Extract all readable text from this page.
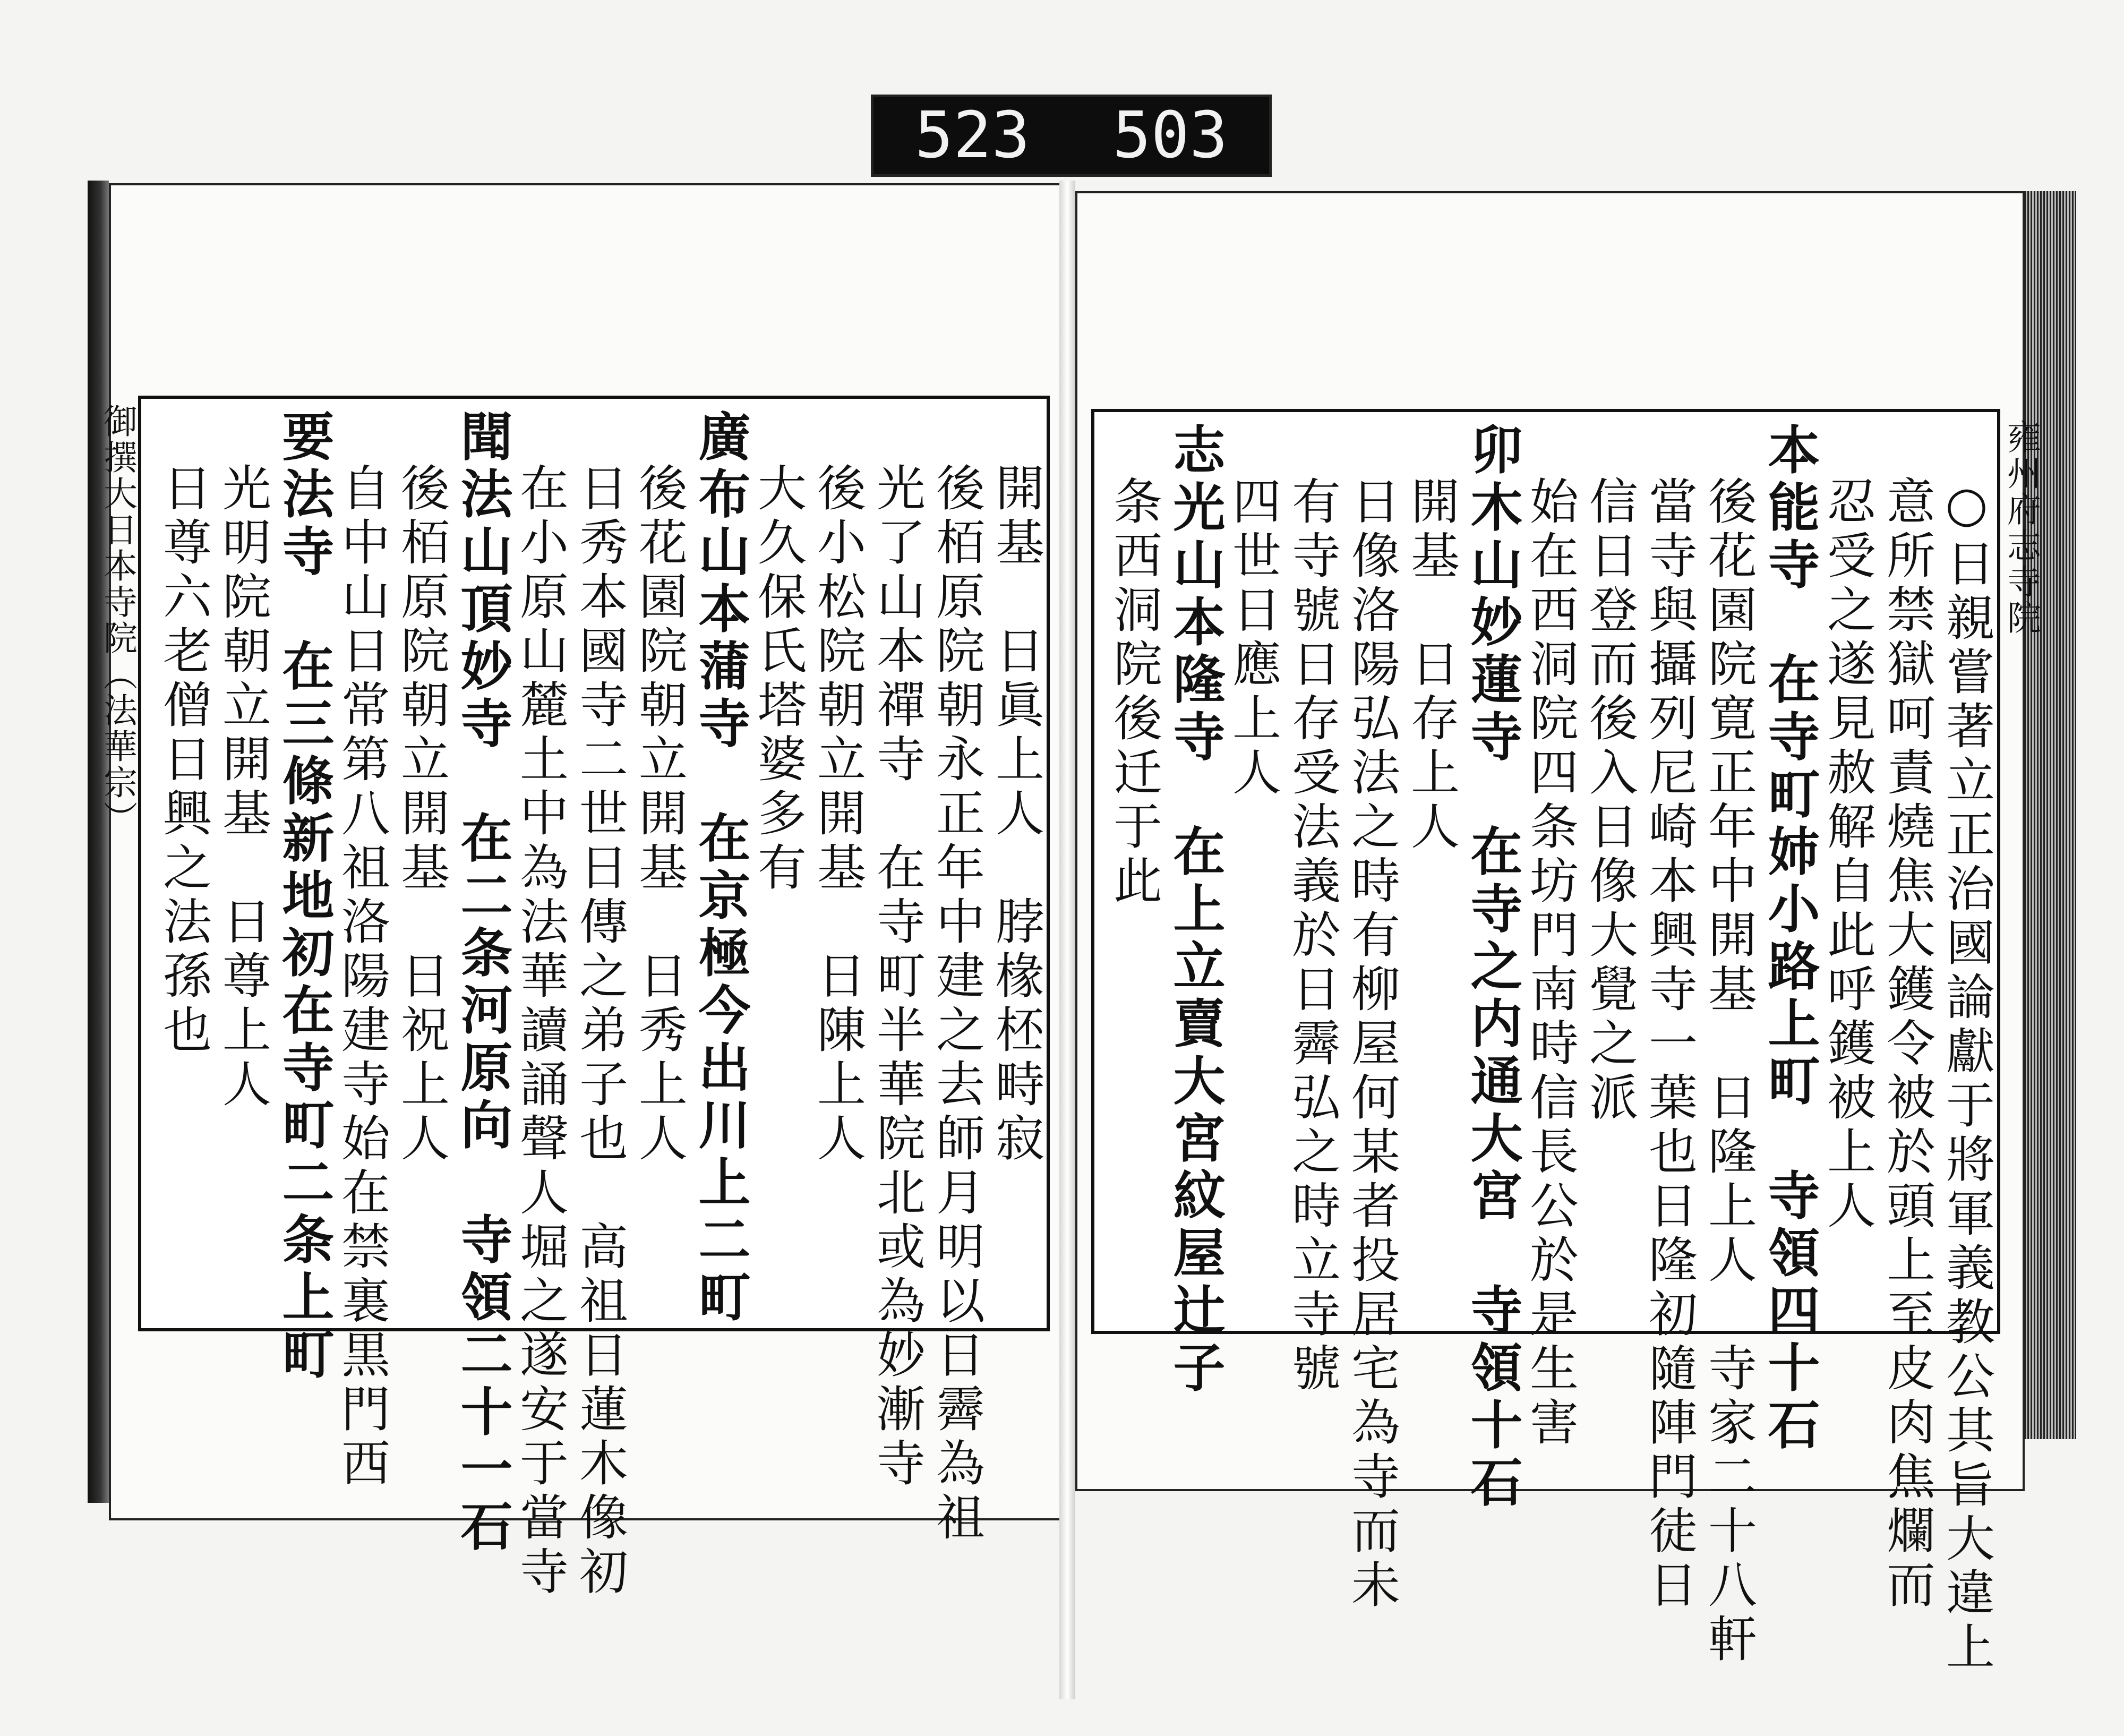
523 503
御撰大日本寺院（法華宗）	雍州府志寺院
開基　日眞上人　脖椽柸畤寂
後栢原院朝永正年中建之去師月明以日霽為祖
光了山本禪寺　在寺町半華院北或為妙漸寺
後小松院朝立開基　日陳上人
大久保氏塔婆多有
廣布山本蒲寺　在京極今出川上二町
後花園院朝立開基　日秀上人
日秀本國寺二世日傳之弟子也　高祖日蓮木像初
在小原山麓土中為法華讀誦聲人堀之遂安于當寺
聞法山頂妙寺　在二条河原向　寺領二十一石
後栢原院朝立開基　日祝上人
自中山日常第八祖洛陽建寺始在禁裏黒門西
要法寺　在三條新地初在寺町二条上町
光明院朝立開基　日尊上人
日尊六老僧日興之法孫也	○日親嘗著立正治國論獻于將軍義教公其旨大違上
意所禁獄呵責燒焦大鑊令被於頭上至皮肉焦爛而
忍受之遂見赦解自此呼鑊被上人
本能寺　在寺町姉小路上町　寺領四十石
後花園院寛正年中開基　日隆上人　寺家二十八軒
當寺與攝列尼崎本興寺一葉也日隆初隨陣門徒日
信日登而後入日像大覺之派
始在西洞院四条坊門南時信長公於是生害
卯木山妙蓮寺　在寺之内通大宮　寺領十石
開基　日存上人
日像洛陽弘法之時有柳屋何某者投居宅為寺而未
有寺號日存受法義於日霽弘之時立寺號
四世日應上人
志光山本隆寺　在上立賣大宮紋屋辻子
条西洞院後迁于此
